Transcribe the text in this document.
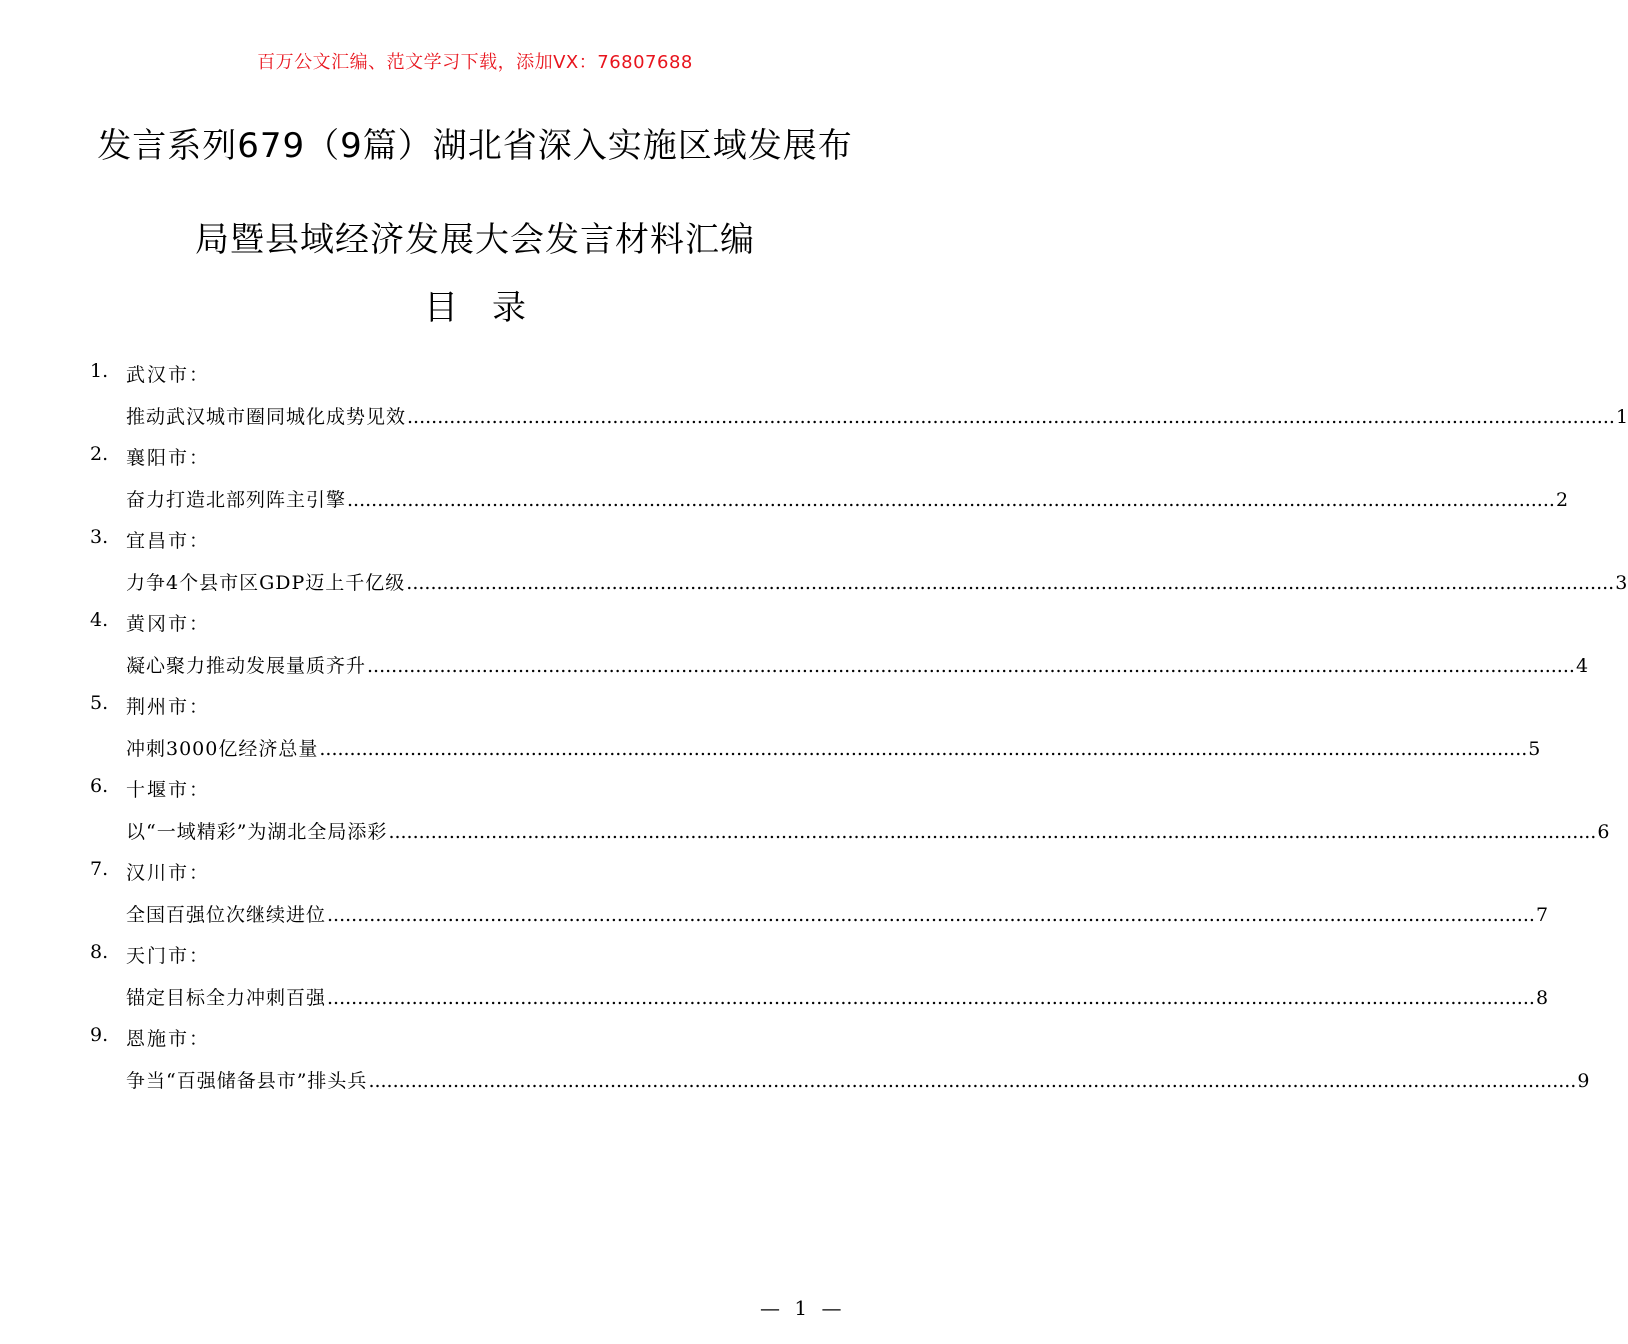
百万公文汇编、范文学习下载，添加VX：76807688
发言系列679（9篇）湖北省深入实施区域发展布
局暨县域经济发展大会发言材料汇编
目录
1. 武汉市：
推动武汉城市圈同城化成势见效 ........................................................................................................................................................................................................ 1
2. 襄阳市：
奋力打造北部列阵主引擎 ........................................................................................................................................................................................................ 2
3. 宜昌市：
力争4个县市区GDP迈上千亿级 ........................................................................................................................................................................................................ 3
4. 黄冈市：
凝心聚力推动发展量质齐升 ........................................................................................................................................................................................................ 4
5. 荆州市：
冲刺3000亿经济总量 ........................................................................................................................................................................................................ 5
6. 十堰市：
以“一域精彩”为湖北全局添彩 ........................................................................................................................................................................................................ 6
7. 汉川市：
全国百强位次继续进位 ........................................................................................................................................................................................................ 7
8. 天门市：
锚定目标全力冲刺百强 ........................................................................................................................................................................................................ 8
9. 恩施市：
争当“百强储备县市”排头兵 ........................................................................................................................................................................................................ 9
— 1 —
